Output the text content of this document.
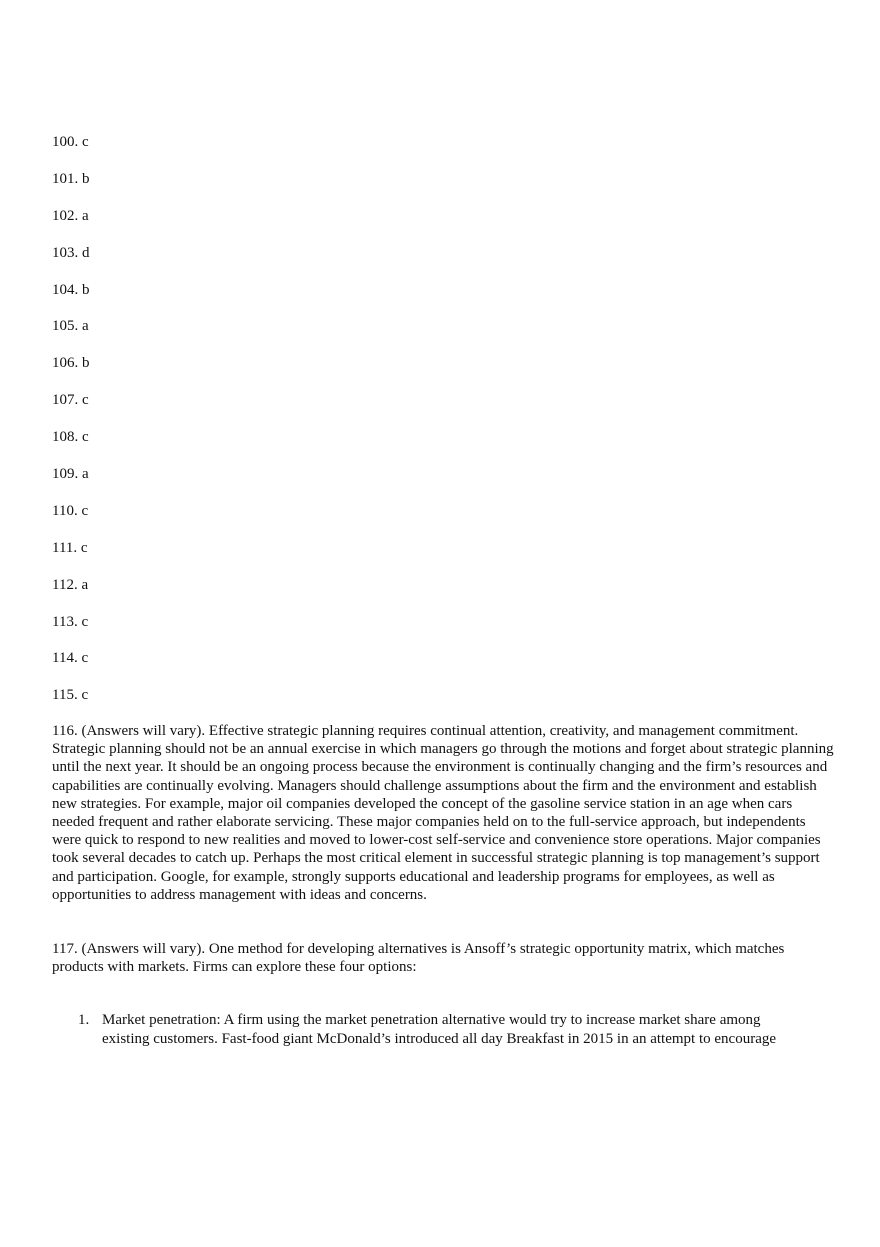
100. c
101. b
102. a
103. d
104. b
105. a
106. b
107. c
108. c
109. a
110. c
111. c
112. a
113. c
114. c
115. c

116. (Answers will vary). Effective strategic planning requires continual attention, creativity, and management commitment. Strategic planning should not be an annual exercise in which managers go through the motions and forget about strategic planning until the next year. It should be an ongoing process because the environment is continually changing and the firm’s resources and capabilities are continually evolving. Managers should challenge assumptions about the firm and the environment and establish new strategies. For example, major oil companies developed the concept of the gasoline service station in an age when cars needed frequent and rather elaborate servicing. These major companies held on to the full-service approach, but independents were quick to respond to new realities and moved to lower-cost self-service and convenience store operations. Major companies took several decades to catch up. Perhaps the most critical element in successful strategic planning is top management’s support and participation. Google, for example, strongly supports educational and leadership programs for employees, as well as opportunities to address management with ideas and concerns.

117. (Answers will vary). One method for developing alternatives is Ansoff’s strategic opportunity matrix, which matches products with markets. Firms can explore these four options:

1. Market penetration: A firm using the market penetration alternative would try to increase market share among existing customers. Fast-food giant McDonald’s introduced all day Breakfast in 2015 in an attempt to encourage
